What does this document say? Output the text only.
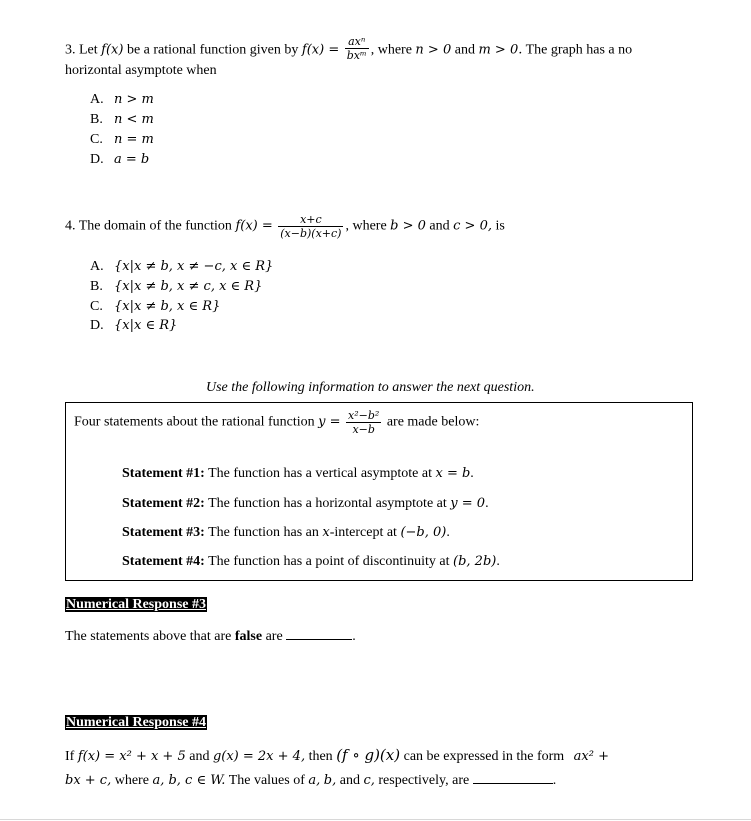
3. Let f(x) be a rational function given by $f(x) = \frac{\text{axⁿ}}{\text{bxᵐ}}$ , where n > 0 and m > 0. The graph has a no
horizontal asymptote when
A. n > m
B. n < m
C. n = m
D. a = b
4. The domain of the function $f(x) = \frac{x+c}{(x-b)(x+c)}$ , where b > 0 and c > 0, is
A. {x|x ≠ b, x ≠ −c, x ∈ R}
B. {x|x ≠ b, x ≠ c, x ∈ R}
C. {x|x ≠ b, x ∈ R}
D. {x|x ∈ R}
Use the following information to answer the next question.
Four statements about the rational function $y = \frac{\text{x²−b²}}{x-b}$ are made below:
Statement #1: The function has a vertical asymptote at x = b.
Statement #2: The function has a horizontal asymptote at y = 0.
Statement #3: The function has an x-intercept at (−b, 0).
Statement #4: The function has a point of discontinuity at (b, 2b).
Numerical Response #3
The statements above that are false are	.
Numerical Response #4
If f(x) = x² + x + 5 and g(x) = 2x + 4, then (f ∘ g)(x) can be expressed in the form ax² +
bx + c, where a, b, c ∈ W. The values of a, b, and c, respectively, are	.
